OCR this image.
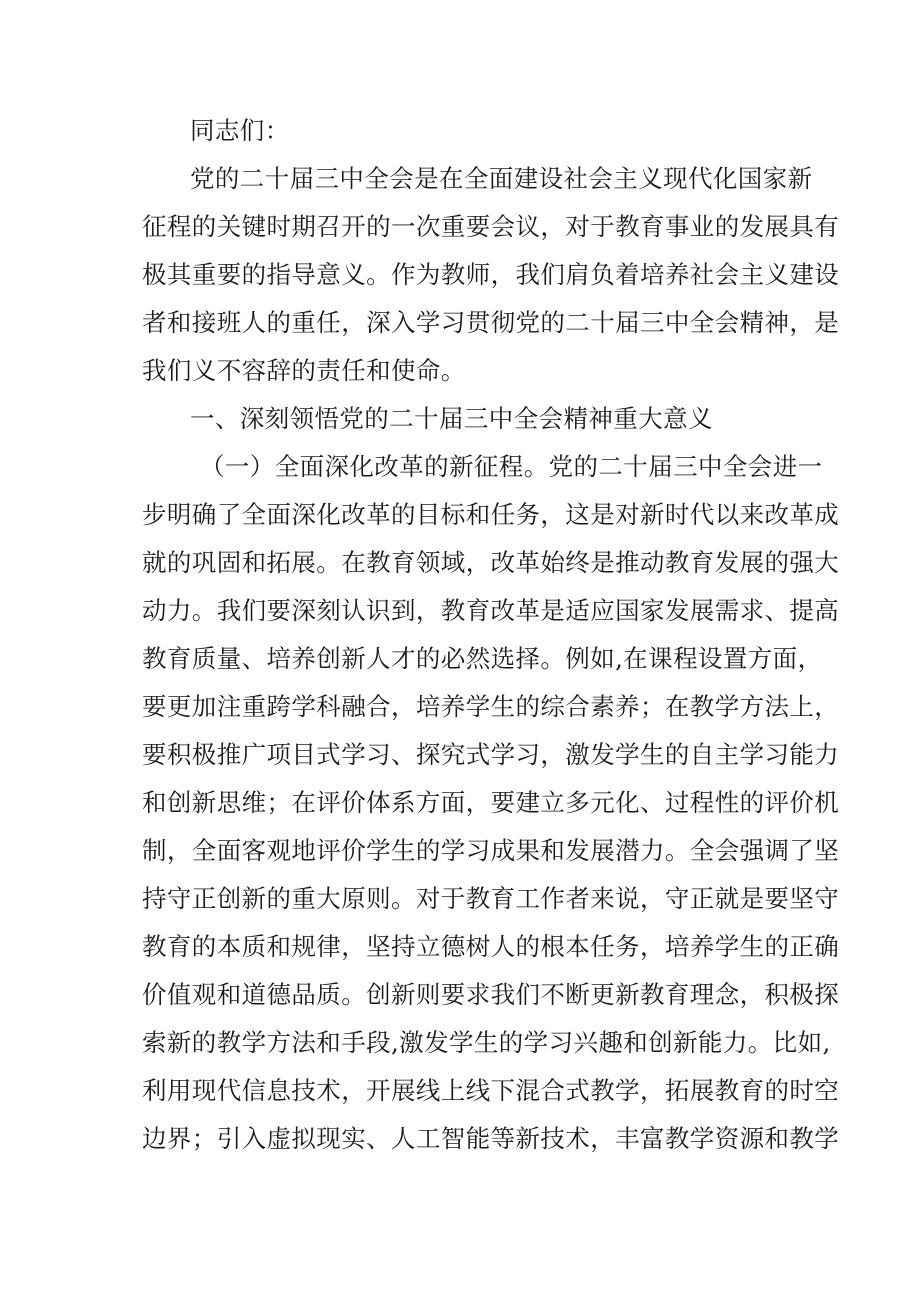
同志们：
党的二十届三中全会是在全面建设社会主义现代化国家新
征程的关键时期召开的一次重要会议，对于教育事业的发展具有
极其重要的指导意义。作为教师，我们肩负着培养社会主义建设
者和接班人的重任，深入学习贯彻党的二十届三中全会精神，是
我们义不容辞的责任和使命。
一、深刻领悟党的二十届三中全会精神重大意义
（一）全面深化改革的新征程。党的二十届三中全会进一
步明确了全面深化改革的目标和任务，这是对新时代以来改革成
就的巩固和拓展。在教育领域，改革始终是推动教育发展的强大
动力。我们要深刻认识到，教育改革是适应国家发展需求、提高
教育质量、培养创新人才的必然选择。例如,在课程设置方面，
要更加注重跨学科融合，培养学生的综合素养；在教学方法上，
要积极推广项目式学习、探究式学习，激发学生的自主学习能力
和创新思维；在评价体系方面，要建立多元化、过程性的评价机
制，全面客观地评价学生的学习成果和发展潜力。全会强调了坚
持守正创新的重大原则。对于教育工作者来说，守正就是要坚守
教育的本质和规律，坚持立德树人的根本任务，培养学生的正确
价值观和道德品质。创新则要求我们不断更新教育理念，积极探
索新的教学方法和手段,激发学生的学习兴趣和创新能力。比如,
利用现代信息技术，开展线上线下混合式教学，拓展教育的时空
边界；引入虚拟现实、人工智能等新技术，丰富教学资源和教学
